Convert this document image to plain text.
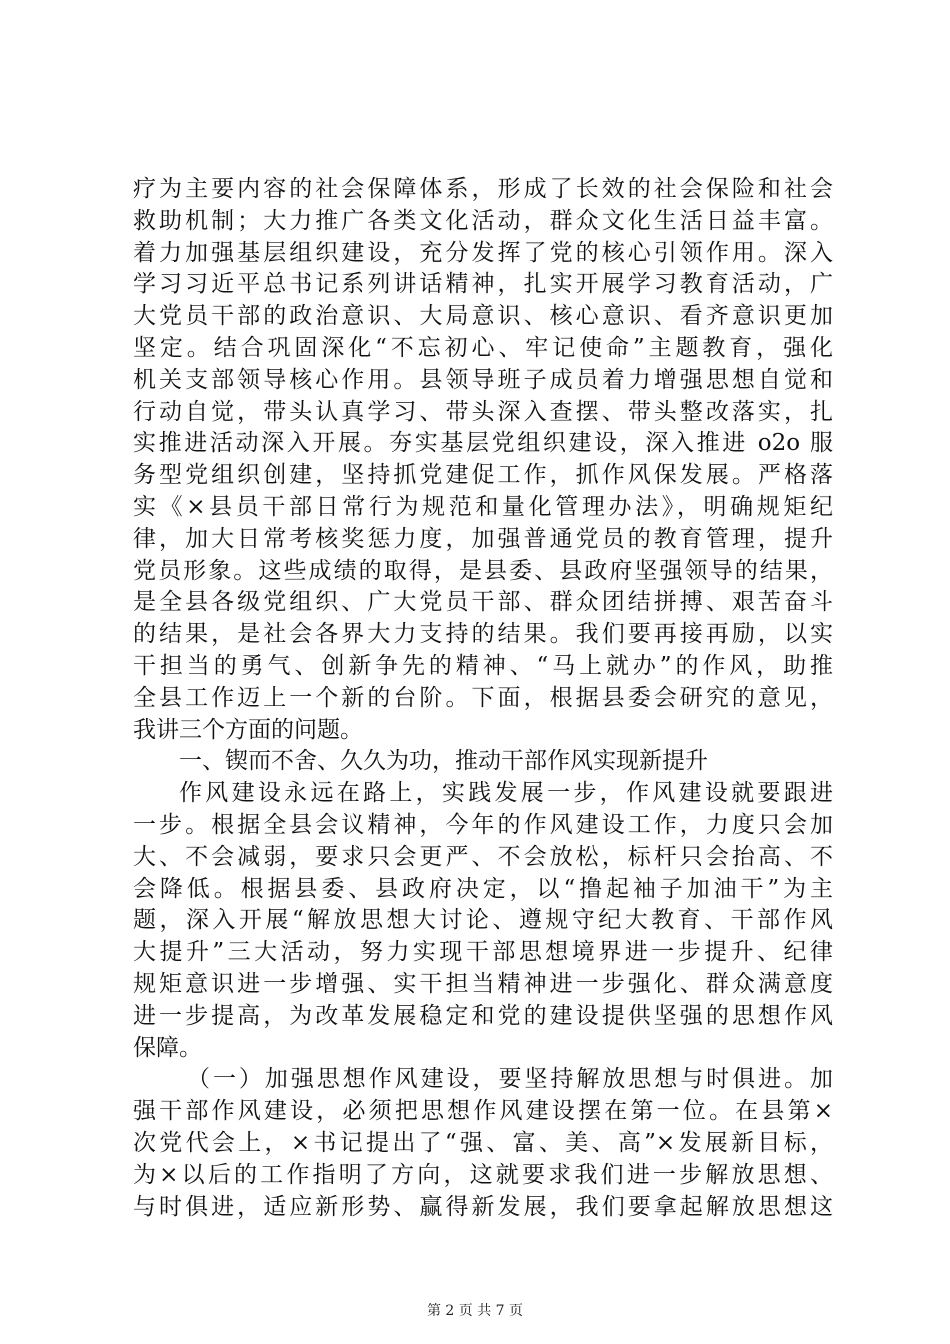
疗为主要内容的社会保障体系，形成了长效的社会保险和社会
救助机制；大力推广各类文化活动，群众文化生活日益丰富。
着力加强基层组织建设，充分发挥了党的核心引领作用。深入
学习习近平总书记系列讲话精神，扎实开展学习教育活动，广
大党员干部的政治意识、大局意识、核心意识、看齐意识更加
坚定。结合巩固深化“不忘初心、牢记使命”主题教育，强化
机关支部领导核心作用。县领导班子成员着力增强思想自觉和
行动自觉，带头认真学习、带头深入查摆、带头整改落实，扎
实推进活动深入开展。夯实基层党组织建设，深入推进 o2o 服
务型党组织创建，坚持抓党建促工作，抓作风保发展。严格落
实《×县员干部日常行为规范和量化管理办法》，明确规矩纪
律，加大日常考核奖惩力度，加强普通党员的教育管理，提升
党员形象。这些成绩的取得，是县委、县政府坚强领导的结果，
是全县各级党组织、广大党员干部、群众团结拼搏、艰苦奋斗
的结果，是社会各界大力支持的结果。我们要再接再励，以实
干担当的勇气、创新争先的精神、“马上就办”的作风，助推
全县工作迈上一个新的台阶。下面，根据县委会研究的意见，
我讲三个方面的问题。
一、锲而不舍、久久为功，推动干部作风实现新提升
作风建设永远在路上，实践发展一步，作风建设就要跟进
一步。根据全县会议精神，今年的作风建设工作，力度只会加
大、不会减弱，要求只会更严、不会放松，标杆只会抬高、不
会降低。根据县委、县政府决定，以“撸起袖子加油干”为主
题，深入开展“解放思想大讨论、遵规守纪大教育、干部作风
大提升”三大活动，努力实现干部思想境界进一步提升、纪律
规矩意识进一步增强、实干担当精神进一步强化、群众满意度
进一步提高，为改革发展稳定和党的建设提供坚强的思想作风
保障。
（一）加强思想作风建设，要坚持解放思想与时俱进。加
强干部作风建设，必须把思想作风建设摆在第一位。在县第×
次党代会上，×书记提出了“强、富、美、高”×发展新目标，
为×以后的工作指明了方向，这就要求我们进一步解放思想、
与时俱进，适应新形势、赢得新发展，我们要拿起解放思想这
第 2 页 共 7 页
